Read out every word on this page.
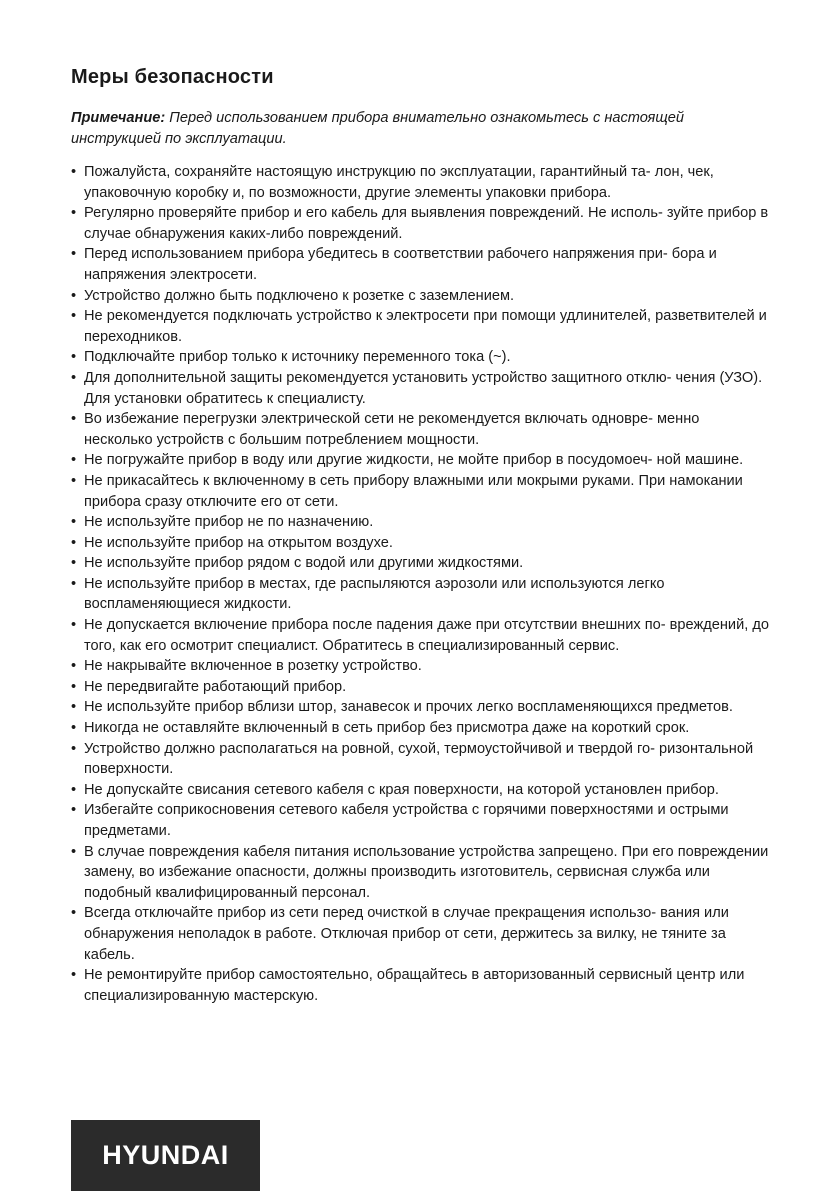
Меры безопасности

Примечание: Перед использованием прибора внимательно ознакомьтесь с настоящей инструкцией по эксплуатации.

• Пожалуйста, сохраняйте настоящую инструкцию по эксплуатации, гарантийный та- лон, чек, упаковочную коробку и, по возможности, другие элементы упаковки прибора.
• Регулярно проверяйте прибор и его кабель для выявления повреждений. Не исполь- зуйте прибор в случае обнаружения каких-либо повреждений.
• Перед использованием прибора убедитесь в соответствии рабочего напряжения при- бора и напряжения электросети.
• Устройство должно быть подключено к розетке с заземлением.
• Не рекомендуется подключать устройство к электросети при помощи удлинителей, разветвителей и переходников.
• Подключайте прибор только к источнику переменного тока (~).
• Для дополнительной защиты рекомендуется установить устройство защитного отклю- чения (УЗО). Для установки обратитесь к специалисту.
• Во избежание перегрузки электрической сети не рекомендуется включать одновре- менно несколько устройств с большим потреблением мощности.
• Не погружайте прибор в воду или другие жидкости, не мойте прибор в посудомоеч- ной машине.
• Не прикасайтесь к включенному в сеть прибору влажными или мокрыми руками. При намокании прибора сразу отключите его от сети.
• Не используйте прибор не по назначению.
• Не используйте прибор на открытом воздухе.
• Не используйте прибор рядом с водой или другими жидкостями.
• Не используйте прибор в местах, где распыляются аэрозоли или используются легко воспламеняющиеся жидкости.
• Не допускается включение прибора после падения даже при отсутствии внешних по- вреждений, до того, как его осмотрит специалист. Обратитесь в специализированный сервис.
• Не накрывайте включенное в розетку устройство.
• Не передвигайте работающий прибор.
• Не используйте прибор вблизи штор, занавесок и прочих легко воспламеняющихся предметов.
• Никогда не оставляйте включенный в сеть прибор без присмотра даже на короткий срок.
• Устройство должно располагаться на ровной, сухой, термоустойчивой и твердой го- ризонтальной поверхности.
• Не допускайте свисания сетевого кабеля с края поверхности, на которой установлен прибор.
• Избегайте соприкосновения сетевого кабеля устройства с горячими поверхностями и острыми предметами.
• В случае повреждения кабеля питания использование устройства запрещено. При его повреждении замену, во избежание опасности, должны производить изготовитель, сервисная служба или подобный квалифицированный персонал.
• Всегда отключайте прибор из сети перед очисткой в случае прекращения использо- вания или обнаружения неполадок в работе. Отключая прибор от сети, держитесь за вилку, не тяните за кабель.
• Не ремонтируйте прибор самостоятельно, обращайтесь в авторизованный сервисный центр или специализированную мастерскую.
HYUNDAI
